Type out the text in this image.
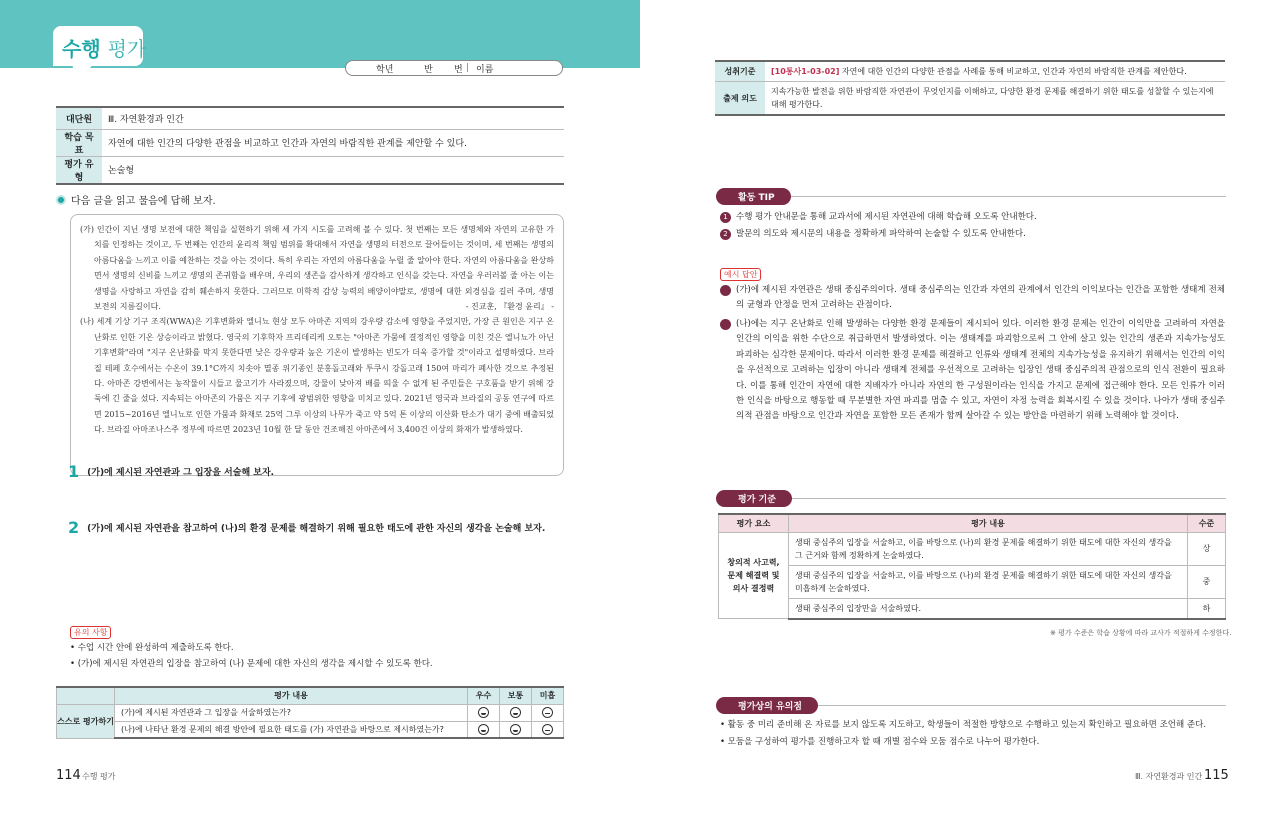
수행 평가
학년	반	번 | 이름
대단원	Ⅲ. 자연환경과 인간
학습 목표	자연에 대한 인간의 다양한 관점을 비교하고 인간과 자연의 바람직한 관계를 제안할 수 있다.
평가 유형	논술형
다음 글을 읽고 물음에 답해 보자.

(가) 인간이 지닌 생명 보전에 대한 책임을 실현하기 위해 세 가지 시도를 고려해 볼 수 있다. 첫 번째는 모든 생명체와 자연의 고유한 가치를 인정하는 것이고, 두 번째는 인간의 윤리적 책임 범위를 확대해서 자연을 생명의 터전으로 끌어들이는 것이며, 세 번째는 생명의 아름다움을 느끼고 이를 예찬하는 것을 아는 것이다. 특히 우리는 자연의 아름다움을 누릴 줄 알아야 한다. 자연의 아름다움을 완상하면서 생명의 신비를 느끼고 생명의 존귀함을 배우며, 우리의 생존을 감사하게 생각하고 인식을 갖는다. 자연을 우러러볼 줄 아는 이는 생명을 사랑하고 자연을 감히 훼손하지 못한다. 그러므로 미학적 감상 능력의 배양이야말로, 생명에 대한 외경심을 길러 주며, 생명 보전의 지름길이다.	- 진교훈, 『환경 윤리』 -

(나) 세계 기상 기구 조직(WWA)은 기후변화와 엘니뇨 현상 모두 아마존 지역의 강우량 감소에 영향을 주었지만, 가장 큰 원인은 지구 온난화로 인한 기온 상승이라고 밝혔다. 영국의 기후학자 프리데리케 오토는 "아마존 가뭄에 결정적인 영향을 미친 것은 엘니뇨가 아닌 기후변화"라며 "지구 온난화를 막지 못한다면 낮은 강우량과 높은 기온이 발생하는 빈도가 더욱 증가할 것"이라고 설명하였다. 브라질 테페 호수에서는 수온이 39.1°C까지 치솟아 멸종 위기종인 분홍돌고래와 투쿠시 강돌고래 150여 마리가 폐사한 것으로 추정된다. 아마존 강변에서는 농작물이 시들고 물고기가 사라졌으며, 강물이 낮아져 배를 띄울 수 없게 된 주민들은 구호품을 받기 위해 강둑에 긴 줄을 섰다. 지속되는 아마존의 가뭄은 지구 기후에 광범위한 영향을 미치고 있다. 2021년 영국과 브라질의 공동 연구에 따르면 2015~2016년 엘니뇨로 인한 가뭄과 화재로 25억 그루 이상의 나무가 죽고 약 5억 톤 이상의 이산화 탄소가 대기 중에 배출되었다. 브라질 아마조나스주 정부에 따르면 2023년 10월 한 달 동안 건조해진 아마존에서 3,400건 이상의 화재가 발생하였다.

1 (가)에 제시된 자연관과 그 입장을 서술해 보자.
2 (가)에 제시된 자연관을 참고하여 (나)의 환경 문제를 해결하기 위해 필요한 태도에 관한 자신의 생각을 논술해 보자.
유의 사항
• 수업 시간 안에 완성하여 제출하도록 한다.
• (가)에 제시된 자연관의 입장을 참고하여 (나) 문제에 대한 자신의 생각을 제시할 수 있도록 한다.
	평가 내용	우수	보통	미흡
스스로 평가하기	(가)에 제시된 자연관과 그 입장을 서술하였는가?			
	(나)에 나타난 환경 문제의 해결 방안에 필요한 태도를 (가) 자연관을 바탕으로 제시하였는가?			
114 수행 평가
성취기준	[10통사1-03-02] 자연에 대한 인간의 다양한 관점을 사례를 통해 비교하고, 인간과 자연의 바람직한 관계를 제안한다.
출제 의도	지속가능한 발전을 위한 바람직한 자연관이 무엇인지를 이해하고, 다양한 환경 문제를 해결하기 위한 태도를 성찰할 수 있는지에 대해 평가한다.
활동 TIP
1 수행 평가 안내문을 통해 교과서에 제시된 자연관에 대해 학습해 오도록 안내한다.
2 발문의 의도와 제시문의 내용을 정확하게 파악하여 논술할 수 있도록 안내한다.
예시 답안
1 (가)에 제시된 자연관은 생태 중심주의이다. 생태 중심주의는 인간과 자연의 관계에서 인간의 이익보다는 인간을 포함한 생태계 전체의 균형과 안정을 먼저 고려하는 관점이다.
2 (나)에는 지구 온난화로 인해 발생하는 다양한 환경 문제들이 제시되어 있다. 이러한 환경 문제는 인간이 이익만을 고려하여 자연을 인간의 이익을 위한 수단으로 취급하면서 발생하였다. 이는 생태계를 파괴함으로써 그 안에 살고 있는 인간의 생존과 지속가능성도 파괴하는 심각한 문제이다. 따라서 이러한 환경 문제를 해결하고 인류와 생태계 전체의 지속가능성을 유지하기 위해서는 인간의 이익을 우선적으로 고려하는 입장이 아니라 생태계 전체를 우선적으로 고려하는 입장인 생태 중심주의적 관점으로의 인식 전환이 필요하다. 이를 통해 인간이 자연에 대한 지배자가 아니라 자연의 한 구성원이라는 인식을 가지고 문제에 접근해야 한다. 모든 인류가 이러한 인식을 바탕으로 행동할 때 무분별한 자연 파괴를 멈출 수 있고, 자연이 자정 능력을 회복시킬 수 있을 것이다. 나아가 생태 중심주의적 관점을 바탕으로 인간과 자연을 포함한 모든 존재가 함께 살아갈 수 있는 방안을 마련하기 위해 노력해야 할 것이다.
평가 기준
평가 요소	평가 내용	수준
창의적 사고력, 문제 해결력 및 의사 결정력	생태 중심주의 입장을 서술하고, 이를 바탕으로 (나)의 환경 문제를 해결하기 위한 태도에 대한 자신의 생각을 그 근거와 함께 정확하게 논술하였다.	상
	생태 중심주의 입장을 서술하고, 이를 바탕으로 (나)의 환경 문제를 해결하기 위한 태도에 대한 자신의 생각을 미흡하게 논술하였다.	중
	생태 중심주의 입장만을 서술하였다.	하
※ 평가 수준은 학습 상황에 따라 교사가 적절하게 수정한다.
평가상의 유의점
• 활동 중 미리 준비해 온 자료를 보지 않도록 지도하고, 학생들이 적절한 방향으로 수행하고 있는지 확인하고 필요하면 조언해 준다.
• 모둠을 구성하여 평가를 진행하고자 할 때 개별 점수와 모둠 점수로 나누어 평가한다.
Ⅲ. 자연환경과 인간 115
